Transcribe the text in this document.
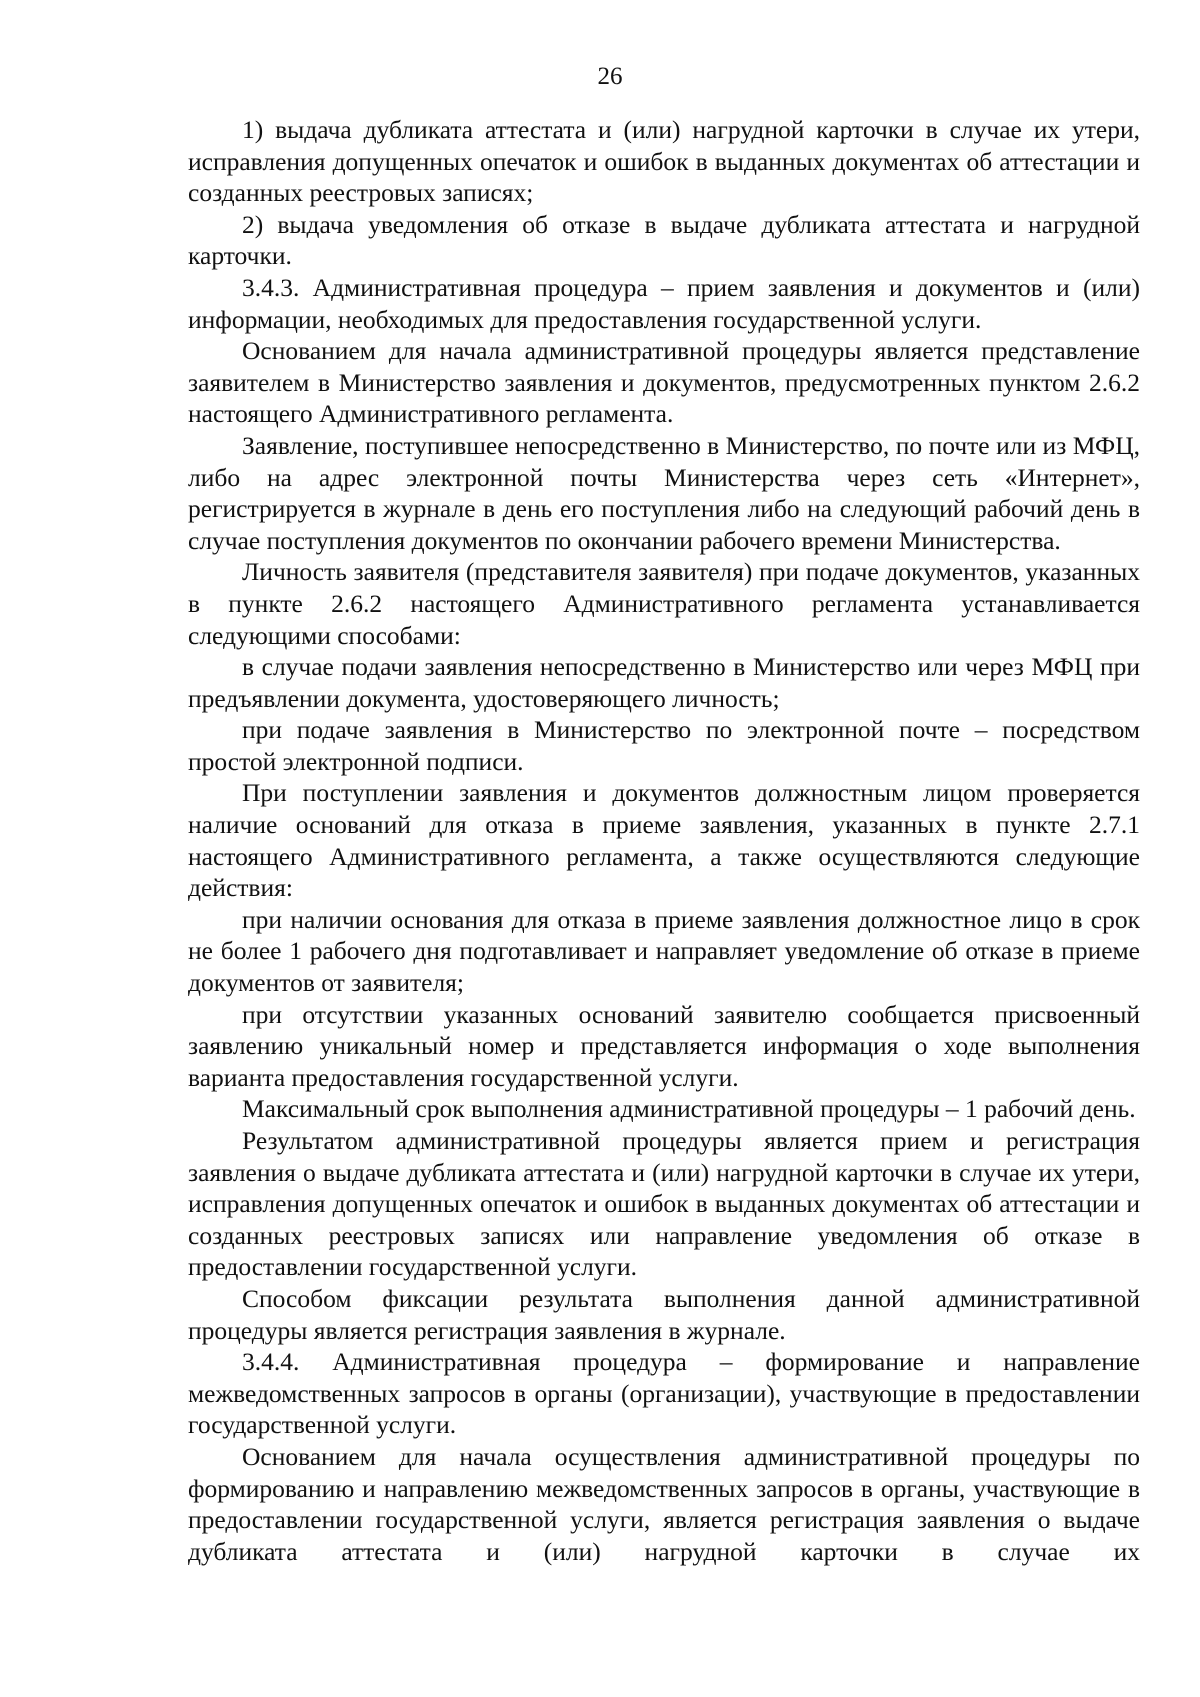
26

1) выдача дубликата аттестата и (или) нагрудной карточки в случае их утери, исправления допущенных опечаток и ошибок в выданных документах об аттестации и созданных реестровых записях;

2) выдача уведомления об отказе в выдаче дубликата аттестата и нагрудной карточки.

3.4.3. Административная процедура – прием заявления и документов и (или) информации, необходимых для предоставления государственной услуги.

Основанием для начала административной процедуры является представление заявителем в Министерство заявления и документов, предусмотренных пунктом 2.6.2 настоящего Административного регламента.

Заявление, поступившее непосредственно в Министерство, по почте или из МФЦ, либо на адрес электронной почты Министерства через сеть «Интернет», регистрируется в журнале в день его поступления либо на следующий рабочий день в случае поступления документов по окончании рабочего времени Министерства.

Личность заявителя (представителя заявителя) при подаче документов, указанных в пункте 2.6.2 настоящего Административного регламента устанавливается следующими способами:

в случае подачи заявления непосредственно в Министерство или через МФЦ при предъявлении документа, удостоверяющего личность;

при подаче заявления в Министерство по электронной почте – посредством простой электронной подписи.

При поступлении заявления и документов должностным лицом проверяется наличие оснований для отказа в приеме заявления, указанных в пункте 2.7.1 настоящего Административного регламента, а также осуществляются следующие действия:

при наличии основания для отказа в приеме заявления должностное лицо в срок не более 1 рабочего дня подготавливает и направляет уведомление об отказе в приеме документов от заявителя;

при отсутствии указанных оснований заявителю сообщается присвоенный заявлению уникальный номер и представляется информация о ходе выполнения варианта предоставления государственной услуги.

Максимальный срок выполнения административной процедуры – 1 рабочий день.

Результатом административной процедуры является прием и регистрация заявления о выдаче дубликата аттестата и (или) нагрудной карточки в случае их утери, исправления допущенных опечаток и ошибок в выданных документах об аттестации и созданных реестровых записях или направление уведомления об отказе в предоставлении государственной услуги.

Способом фиксации результата выполнения данной административной процедуры является регистрация заявления в журнале.

3.4.4. Административная процедура – формирование и направление межведомственных запросов в органы (организации), участвующие в предоставлении государственной услуги.

Основанием для начала осуществления административной процедуры по формированию и направлению межведомственных запросов в органы, участвующие в предоставлении государственной услуги, является регистрация заявления о выдаче дубликата аттестата и (или) нагрудной карточки в случае их
